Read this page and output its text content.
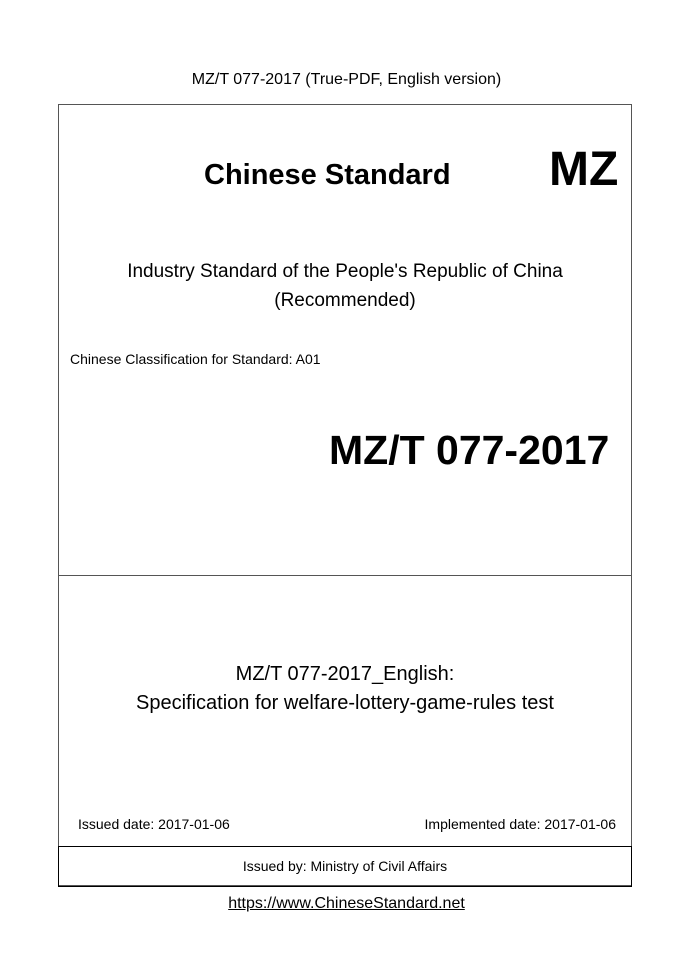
MZ/T 077-2017 (True-PDF, English version)
Chinese Standard MZ
Industry Standard of the People's Republic of China
(Recommended)
Chinese Classification for Standard: A01
MZ/T 077-2017
MZ/T 077-2017_English:
Specification for welfare-lottery-game-rules test
Issued date: 2017-01-06	Implemented date: 2017-01-06
Issued by: Ministry of Civil Affairs
https://www.ChineseStandard.net
